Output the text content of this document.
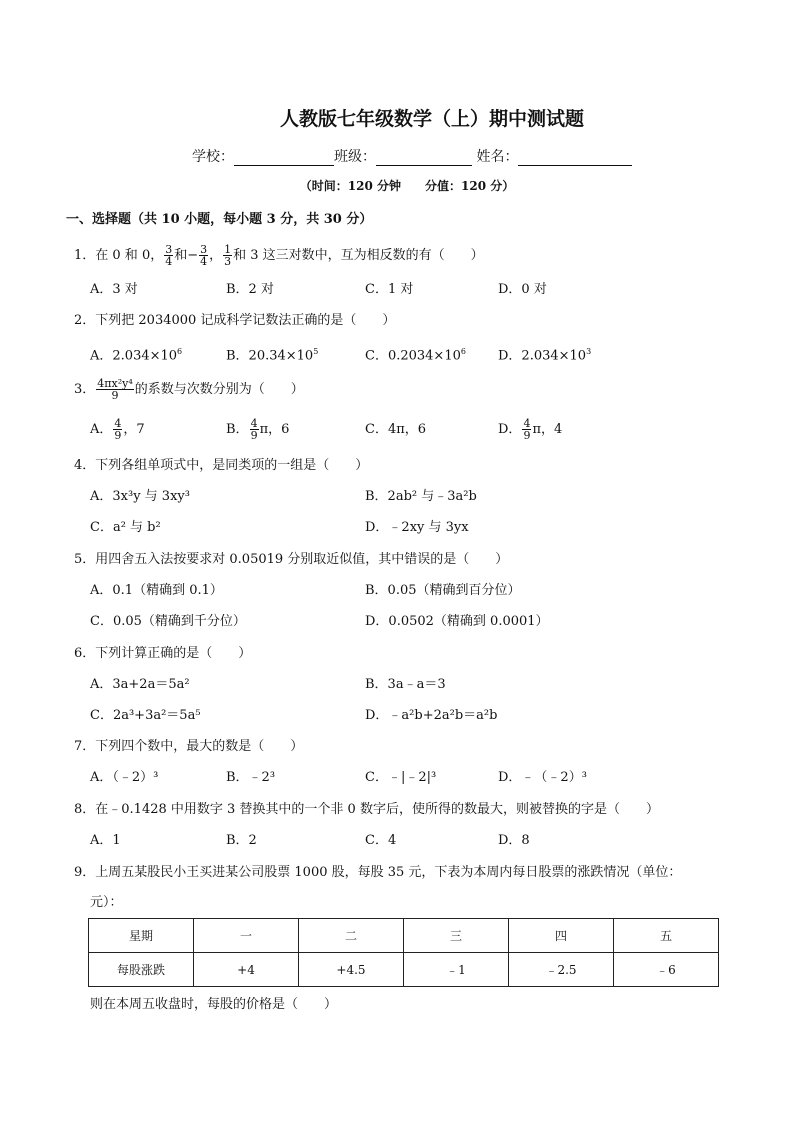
人教版七年级数学（上）期中测试题
学校：	班级：	姓名：
（时间：120 分钟　　分值：120 分）
一、选择题（共 10 小题，每小题 3 分，共 30 分）
1．在 0 和 0， $\frac{3}{4}$ 和− $\frac{3}{4}$ ， $\frac{1}{3}$ 和 3 这三对数中，互为相反数的有（　　）
A．3 对	B．2 对	C．1 对	D．0 对
2．下列把 2034000 记成科学记数法正确的是（　　）
A．$2.034\times 10^6$	B．$20.34\times 10^5$	C．$0.2034\times 10^6$ D．$2.034\times 10^3$
3． $\frac{\text{4πx²y⁴}}{9}$ 的系数与次数分别为（　　）
A． $\frac{4}{9}$ ，7	B． $\frac{4}{9}$ π，6	C．4π，6	D． $\frac{4}{9}$ π，4
4．下列各组单项式中，是同类项的一组是（　　）
A．3x³y 与 3xy³	B．2ab² 与﹣3a²b
C．a² 与 b²	D．﹣2xy 与 3yx
5．用四舍五入法按要求对 0.05019 分别取近似值，其中错误的是（　　）
A．0.1（精确到 0.1）	B．0.05（精确到百分位）
C．0.05（精确到千分位）	D．0.0502（精确到 0.0001）
6．下列计算正确的是（　　）
A．3a+2a＝5a²	B．3a﹣a＝3
C．2a³+3a²＝5a⁵	D．﹣a²b+2a²b＝a²b
7．下列四个数中，最大的数是（　　）
A．（﹣2）³	B．﹣2³	C．﹣|﹣2|³	D．﹣（﹣2）³
8．在﹣0.1428 中用数字 3 替换其中的一个非 0 数字后，使所得的数最大，则被替换的字是（　　）
A．1	B．2	C．4	D．8
9．上周五某股民小王买进某公司股票 1000 股，每股 35 元，下表为本周内每日股票的涨跌情况（单位：
元）：
星期	一	二	三	四	五
每股涨跌	+4	+4.5	﹣1	﹣2.5	﹣6
则在本周五收盘时，每股的价格是（　　）
